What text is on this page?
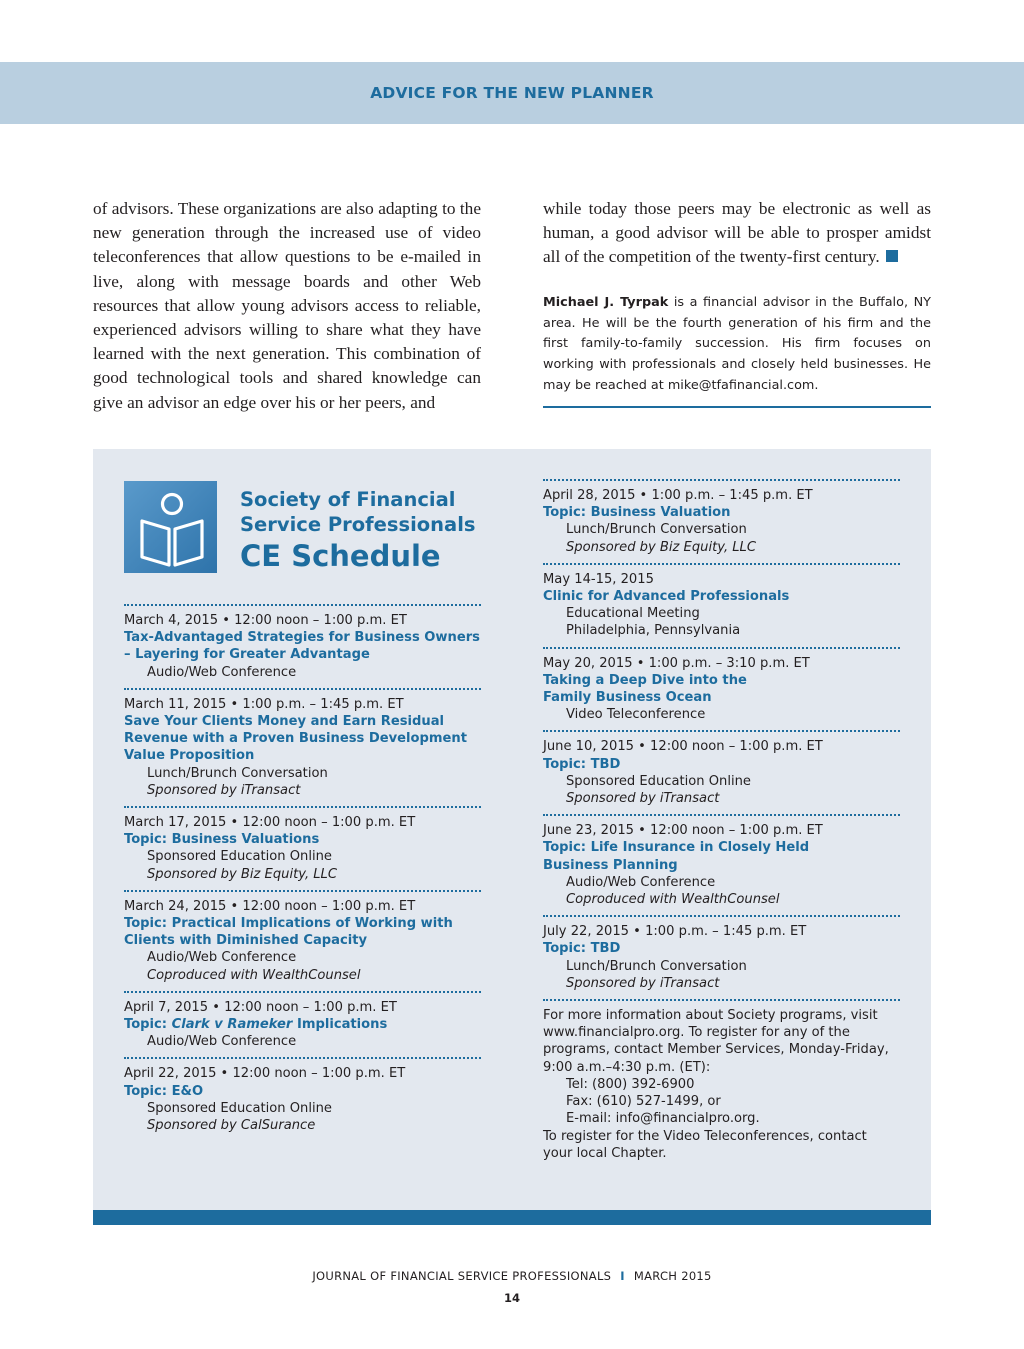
ADVICE FOR THE NEW PLANNER

of advisors. These organizations are also adapting to the new generation through the increased use of video teleconferences that allow questions to be e-mailed in live, along with message boards and other Web resources that allow young advisors access to reliable, experienced advisors willing to share what they have learned with the next generation. This combination of good technological tools and shared knowledge can give an advisor an edge over his or her peers, and

while today those peers may be electronic as well as human, a good advisor will be able to prosper amidst all of the competition of the twenty-first century.

Michael J. Tyrpak is a financial advisor in the Buffalo, NY area. He will be the fourth generation of his firm and the first family-to-family succession. His firm focuses on working with professionals and closely held businesses. He may be reached at mike@tfafinancial.com.
Society of Financial
Service Professionals
CE Schedule
March 4, 2015 • 12:00 noon – 1:00 p.m. ET
Tax-Advantaged Strategies for Business Owners – Layering for Greater Advantage
Audio/Web Conference
March 11, 2015 • 1:00 p.m. – 1:45 p.m. ET
Save Your Clients Money and Earn Residual Revenue with a Proven Business Development Value Proposition
Lunch/Brunch Conversation
Sponsored by iTransact
March 17, 2015 • 12:00 noon – 1:00 p.m. ET
Topic: Business Valuations
Sponsored Education Online
Sponsored by Biz Equity, LLC
March 24, 2015 • 12:00 noon – 1:00 p.m. ET
Topic: Practical Implications of Working with Clients with Diminished Capacity
Audio/Web Conference
Coproduced with WealthCounsel
April 7, 2015 • 12:00 noon – 1:00 p.m. ET
Topic: Clark v Rameker Implications
Audio/Web Conference
April 22, 2015 • 12:00 noon – 1:00 p.m. ET
Topic: E&O
Sponsored Education Online
Sponsored by CalSurance
April 28, 2015 • 1:00 p.m. – 1:45 p.m. ET
Topic: Business Valuation
Lunch/Brunch Conversation
Sponsored by Biz Equity, LLC
May 14-15, 2015
Clinic for Advanced Professionals
Educational Meeting
Philadelphia, Pennsylvania
May 20, 2015 • 1:00 p.m. – 3:10 p.m. ET
Taking a Deep Dive into the Family Business Ocean
Video Teleconference
June 10, 2015 • 12:00 noon – 1:00 p.m. ET
Topic: TBD
Sponsored Education Online
Sponsored by iTransact
June 23, 2015 • 12:00 noon – 1:00 p.m. ET
Topic: Life Insurance in Closely Held Business Planning
Audio/Web Conference
Coproduced with WealthCounsel
July 22, 2015 • 1:00 p.m. – 1:45 p.m. ET
Topic: TBD
Lunch/Brunch Conversation
Sponsored by iTransact
For more information about Society programs, visit www.financialpro.org. To register for any of the programs, contact Member Services, Monday-Friday, 9:00 a.m.–4:30 p.m. (ET):
Tel: (800) 392-6900
Fax: (610) 527-1499, or
E-mail: info@financialpro.org.
To register for the Video Teleconferences, contact your local Chapter.
JOURNAL OF FINANCIAL SERVICE PROFESSIONALS I MARCH 2015
14
